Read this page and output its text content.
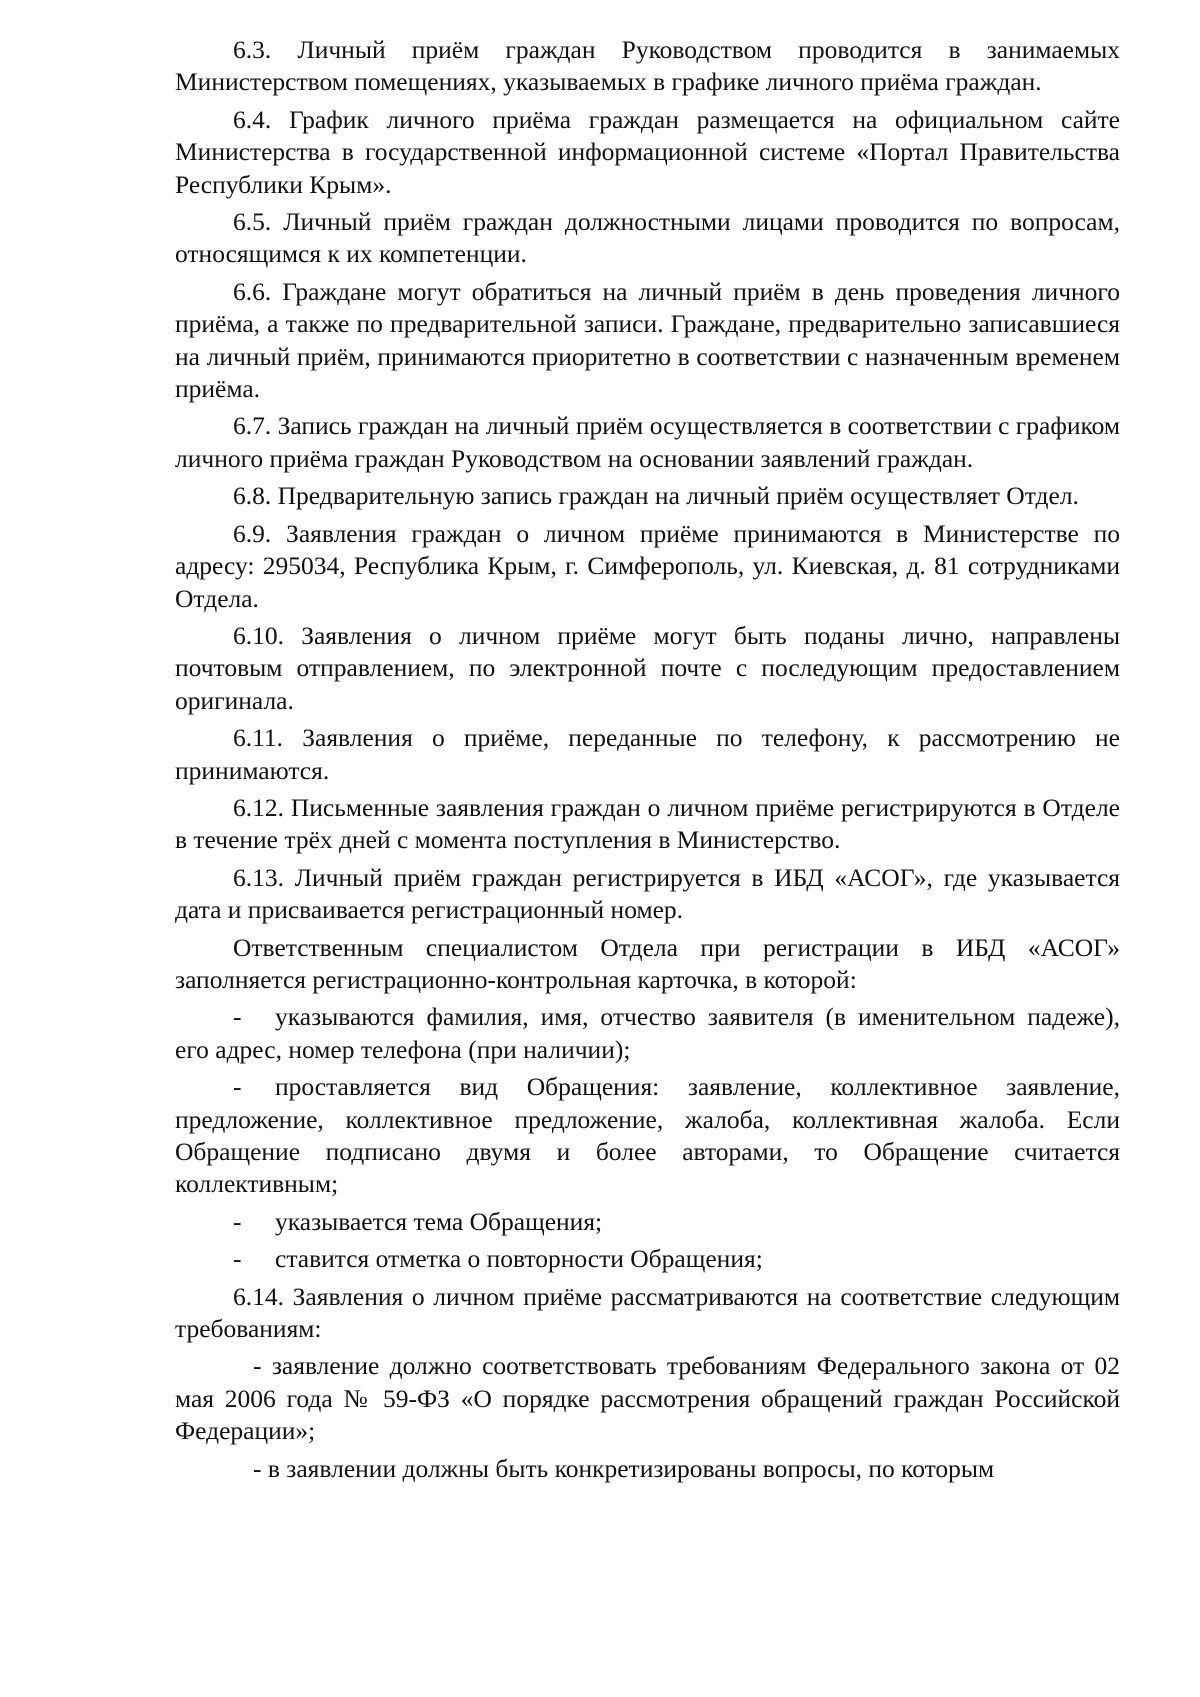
6.3. Личный приём граждан Руководством проводится в занимаемых Министерством помещениях, указываемых в графике личного приёма граждан.

6.4. График личного приёма граждан размещается на официальном сайте Министерства в государственной информационной системе «Портал Правительства Республики Крым».

6.5. Личный приём граждан должностными лицами проводится по вопросам, относящимся к их компетенции.

6.6. Граждане могут обратиться на личный приём в день проведения личного приёма, а также по предварительной записи. Граждане, предварительно записавшиеся на личный приём, принимаются приоритетно в соответствии с назначенным временем приёма.

6.7. Запись граждан на личный приём осуществляется в соответствии с графиком личного приёма граждан Руководством на основании заявлений граждан.

6.8. Предварительную запись граждан на личный приём осуществляет Отдел.

6.9. Заявления граждан о личном приёме принимаются в Министерстве по адресу: 295034, Республика Крым, г. Симферополь, ул. Киевская, д. 81 сотрудниками Отдела.

6.10. Заявления о личном приёме могут быть поданы лично, направлены почтовым отправлением, по электронной почте с последующим предоставлением оригинала.

6.11. Заявления о приёме, переданные по телефону, к рассмотрению не принимаются.

6.12. Письменные заявления граждан о личном приёме регистрируются в Отделе в течение трёх дней с момента поступления в Министерство.

6.13. Личный приём граждан регистрируется в ИБД «АСОГ», где указывается дата и присваивается регистрационный номер.

Ответственным специалистом Отдела при регистрации в ИБД «АСОГ» заполняется регистрационно-контрольная карточка, в которой:

- указываются фамилия, имя, отчество заявителя (в именительном падеже), его адрес, номер телефона (при наличии);

- проставляется вид Обращения: заявление, коллективное заявление, предложение, коллективное предложение, жалоба, коллективная жалоба. Если Обращение подписано двумя и более авторами, то Обращение считается коллективным;

- указывается тема Обращения;

- ставится отметка о повторности Обращения;

6.14. Заявления о личном приёме рассматриваются на соответствие следующим требованиям:

- заявление должно соответствовать требованиям Федерального закона от 02 мая 2006 года № 59-ФЗ «О порядке рассмотрения обращений граждан Российской Федерации»;

- в заявлении должны быть конкретизированы вопросы, по которым
